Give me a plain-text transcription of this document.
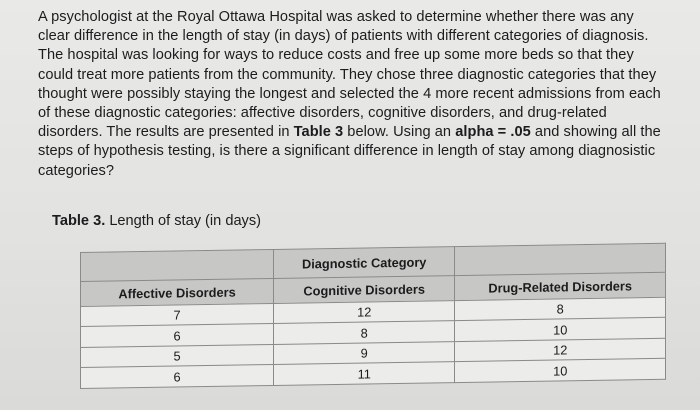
A psychologist at the Royal Ottawa Hospital was asked to determine whether there was any clear difference in the length of stay (in days) of patients with different categories of diagnosis. The hospital was looking for ways to reduce costs and free up some more beds so that they could treat more patients from the community. They chose three diagnostic categories that they thought were possibly staying the longest and selected the 4 more recent admissions from each of these diagnostic categories: affective disorders, cognitive disorders, and drug-related disorders. The results are presented in Table 3 below. Using an alpha = .05 and showing all the steps of hypothesis testing, is there a significant difference in length of stay among diagnosistic categories?

Table 3. Length of stay (in days)

	Diagnostic Category	
Affective Disorders	Cognitive Disorders	Drug-Related Disorders
7	12	8
6	8	10
5	9	12
6	11	10
